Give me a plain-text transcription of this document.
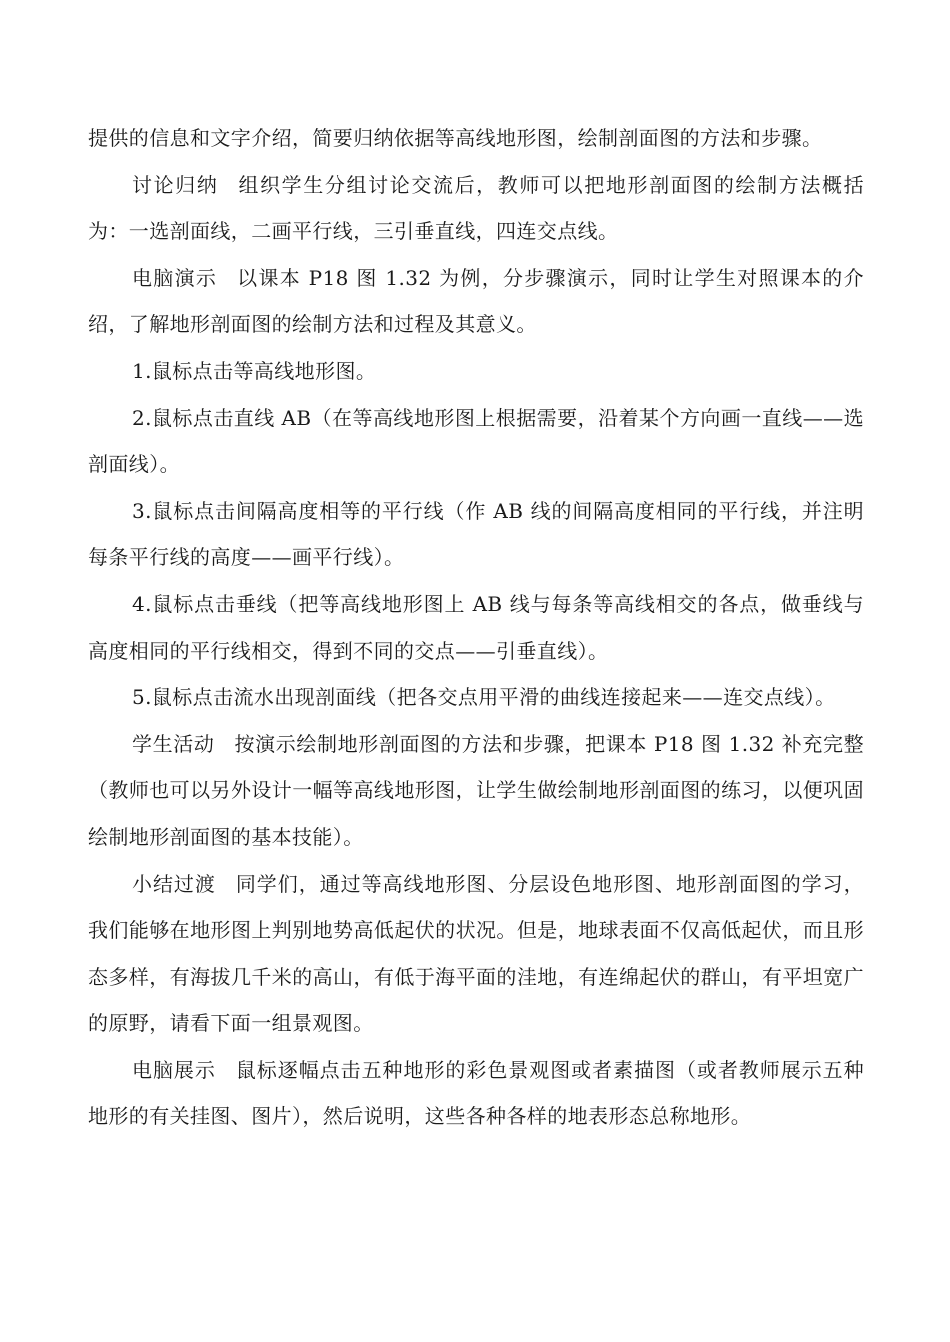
提供的信息和文字介绍，简要归纳依据等高线地形图，绘制剖面图的方法和步骤。

讨论归纳 组织学生分组讨论交流后，教师可以把地形剖面图的绘制方法概括为：一选剖面线，二画平行线，三引垂直线，四连交点线。

电脑演示 以课本 P18 图 1.32 为例，分步骤演示，同时让学生对照课本的介绍，了解地形剖面图的绘制方法和过程及其意义。

1.鼠标点击等高线地形图。

2.鼠标点击直线 AB（在等高线地形图上根据需要，沿着某个方向画一直线——选剖面线）。

3.鼠标点击间隔高度相等的平行线（作 AB 线的间隔高度相同的平行线，并注明每条平行线的高度——画平行线）。

4.鼠标点击垂线（把等高线地形图上 AB 线与每条等高线相交的各点，做垂线与高度相同的平行线相交，得到不同的交点——引垂直线）。

5.鼠标点击流水出现剖面线（把各交点用平滑的曲线连接起来——连交点线）。

学生活动 按演示绘制地形剖面图的方法和步骤，把课本 P18 图 1.32 补充完整（教师也可以另外设计一幅等高线地形图，让学生做绘制地形剖面图的练习，以便巩固绘制地形剖面图的基本技能）。

小结过渡 同学们，通过等高线地形图、分层设色地形图、地形剖面图的学习，我们能够在地形图上判别地势高低起伏的状况。但是，地球表面不仅高低起伏，而且形态多样，有海拔几千米的高山，有低于海平面的洼地，有连绵起伏的群山，有平坦宽广的原野，请看下面一组景观图。

电脑展示 鼠标逐幅点击五种地形的彩色景观图或者素描图（或者教师展示五种地形的有关挂图、图片），然后说明，这些各种各样的地表形态总称地形。
